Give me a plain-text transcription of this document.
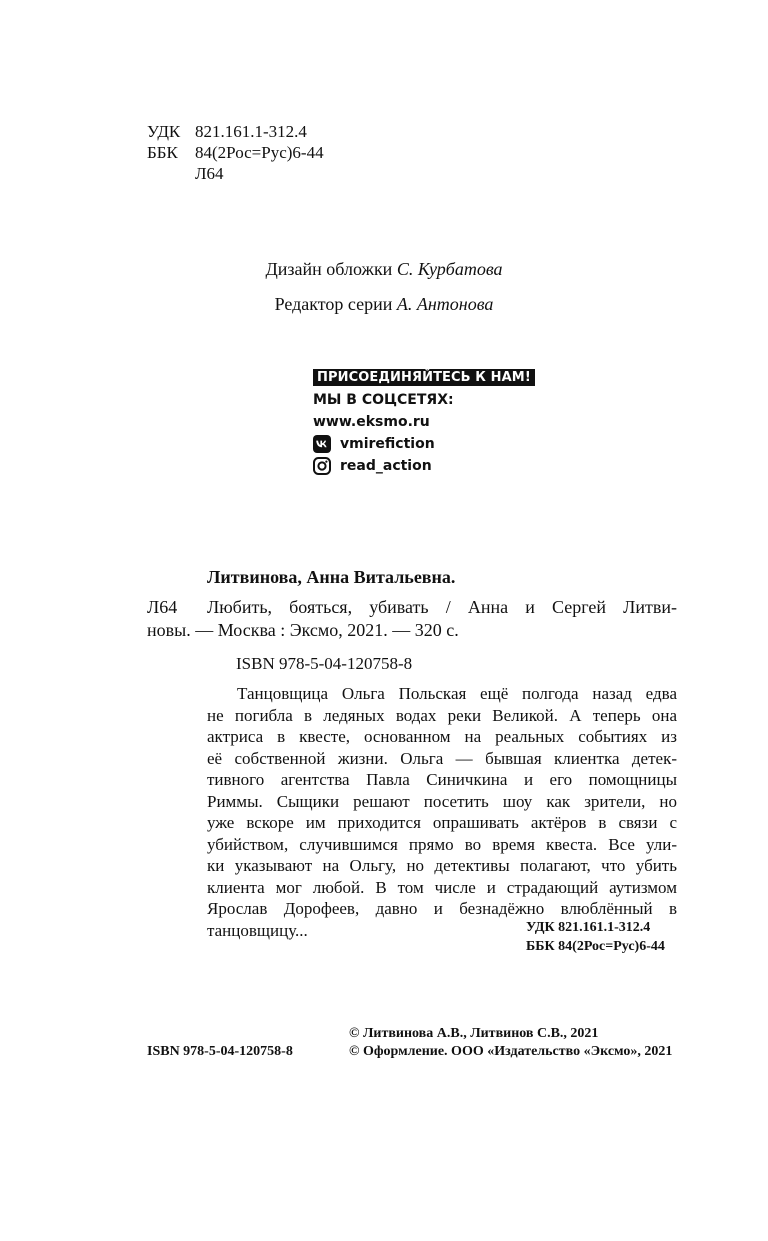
УДК 821.161.1-312.4
ББК 84(2Рос=Рус)6-44
Л64
Дизайн обложки С. Курбатова
Редактор серии А. Антонова
ПРИСОЕДИНЯЙТЕСЬ К НАМ!
МЫ В СОЦСЕТЯХ:
www.eksmo.ru
vmirefiction
read_action
Литвинова, Анна Витальевна.
Л64 Любить, бояться, убивать / Анна и Сергей Литви-
новы. — Москва : Эксмо, 2021. — 320 с.
ISBN 978-5-04-120758-8
Танцовщица Ольга Польская ещё полгода назад едва
не погибла в ледяных водах реки Великой. А теперь она
актриса в квесте, основанном на реальных событиях из
её собственной жизни. Ольга — бывшая клиентка детек-
тивного агентства Павла Синичкина и его помощницы
Риммы. Сыщики решают посетить шоу как зрители, но
уже вскоре им приходится опрашивать актёров в связи с
убийством, случившимся прямо во время квеста. Все ули-
ки указывают на Ольгу, но детективы полагают, что убить
клиента мог любой. В том числе и страдающий аутизмом
Ярослав Дорофеев, давно и безнадёжно влюблённый в
танцовщицу...	УДК 821.161.1-312.4
ББК 84(2Рос=Рус)6-44
© Литвинова А.В., Литвинов С.В., 2021
ISBN 978-5-04-120758-8	© Оформление. ООО «Издательство «Эксмо», 2021
